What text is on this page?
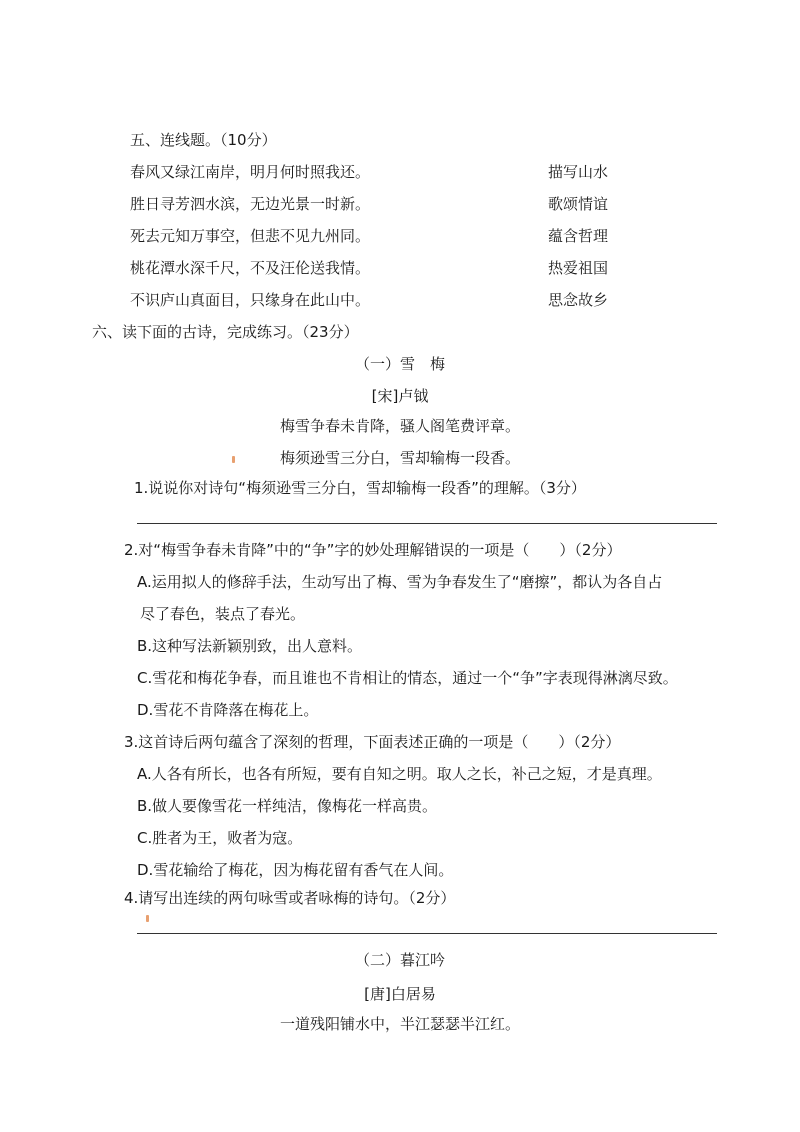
五、连线题。（10分）
春风又绿江南岸，明月何时照我还。
胜日寻芳泗水滨，无边光景一时新。
死去元知万事空，但悲不见九州同。
桃花潭水深千尺，不及汪伦送我情。
不识庐山真面目，只缘身在此山中。
描写山水
歌颂情谊
蕴含哲理
热爱祖国
思念故乡
六、读下面的古诗，完成练习。（23分）
（一）雪　梅
[宋]卢钺
梅雪争春未肯降，骚人阁笔费评章。
梅须逊雪三分白，雪却输梅一段香。
1.说说你对诗句“梅须逊雪三分白，雪却输梅一段香”的理解。（3分）
2.对“梅雪争春未肯降”中的“争”字的妙处理解错误的一项是（　　）（2分）
A.运用拟人的修辞手法，生动写出了梅、雪为争春发生了“磨擦”，都认为各自占
尽了春色，装点了春光。
B.这种写法新颖别致，出人意料。
C.雪花和梅花争春，而且谁也不肯相让的情态，通过一个“争”字表现得淋漓尽致。
D.雪花不肯降落在梅花上。
3.这首诗后两句蕴含了深刻的哲理，下面表述正确的一项是（　　）（2分）
A.人各有所长，也各有所短，要有自知之明。取人之长，补己之短，才是真理。
B.做人要像雪花一样纯洁，像梅花一样高贵。
C.胜者为王，败者为寇。
D.雪花输给了梅花，因为梅花留有香气在人间。
4.请写出连续的两句咏雪或者咏梅的诗句。（2分）
（二）暮江吟
[唐]白居易
一道残阳铺水中，半江瑟瑟半江红。
